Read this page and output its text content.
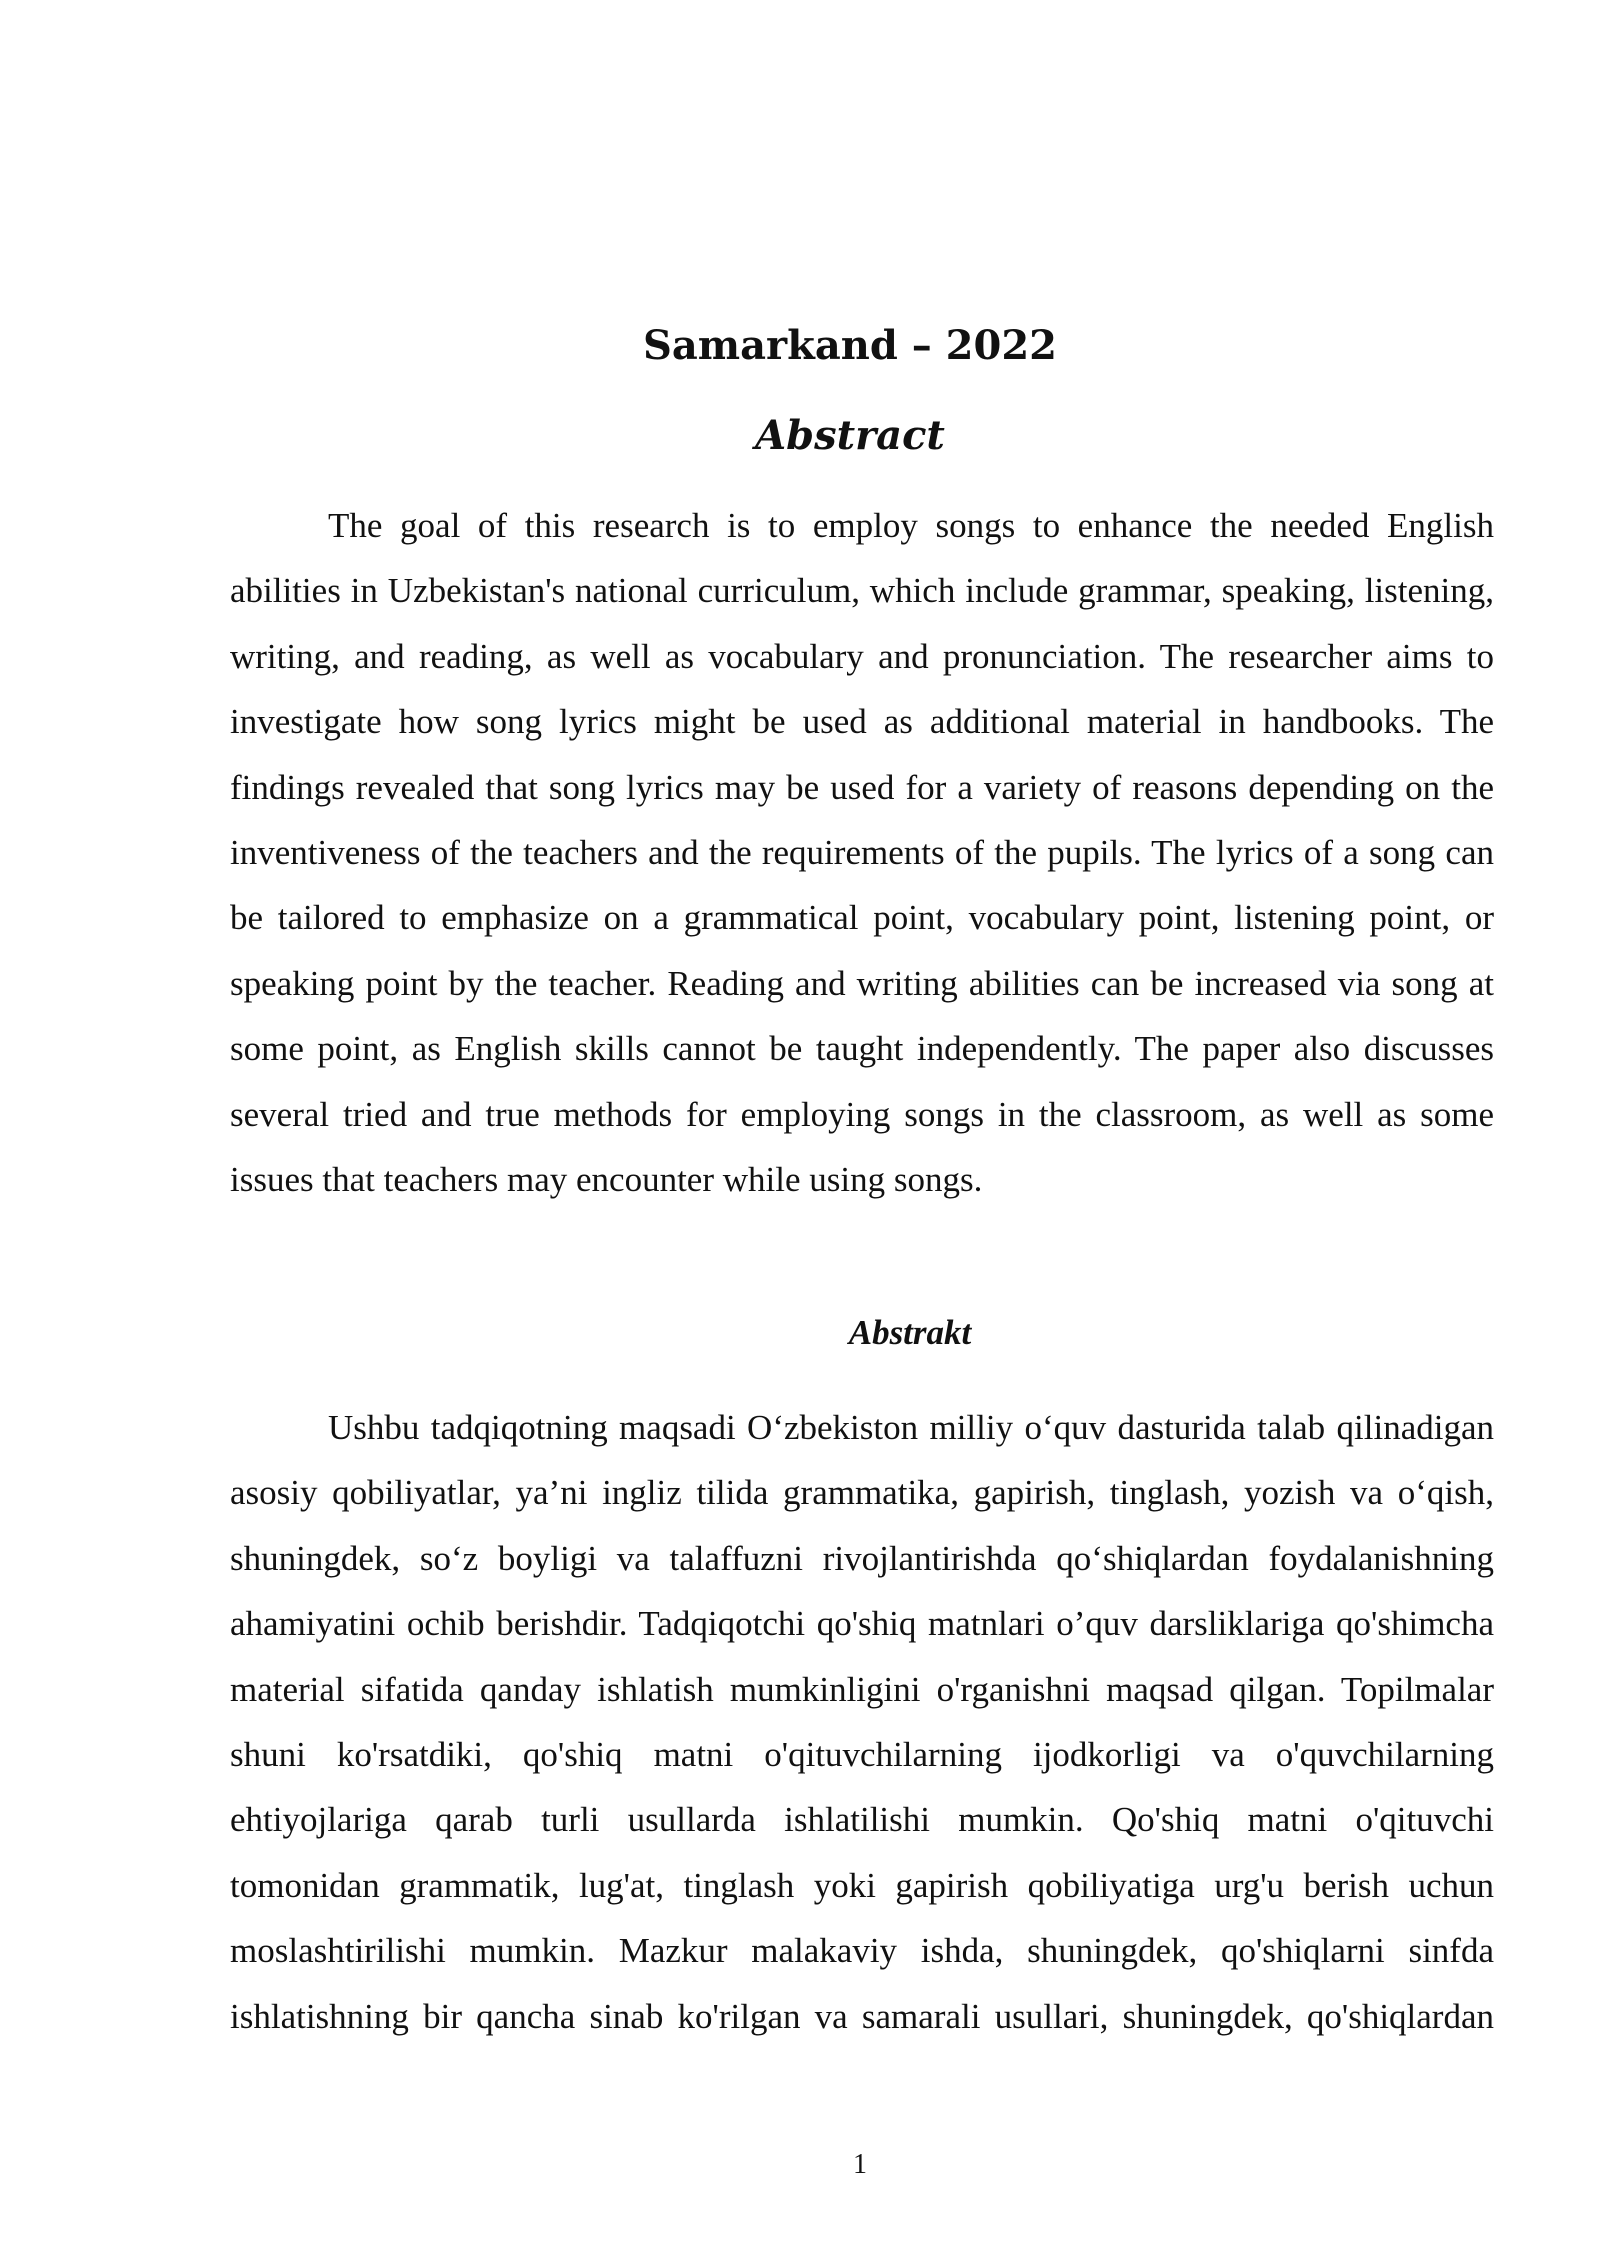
Samarkand – 2022
Abstract

The goal of this research is to employ songs to enhance the needed English abilities in Uzbekistan's national curriculum, which include grammar, speaking, listening, writing, and reading, as well as vocabulary and pronunciation. The researcher aims to investigate how song lyrics might be used as additional material in handbooks. The findings revealed that song lyrics may be used for a variety of reasons depending on the inventiveness of the teachers and the requirements of the pupils. The lyrics of a song can be tailored to emphasize on a grammatical point, vocabulary point, listening point, or speaking point by the teacher. Reading and writing abilities can be increased via song at some point, as English skills cannot be taught independently. The paper also discusses several tried and true methods for employing songs in the classroom, as well as some issues that teachers may encounter while using songs.

Abstrakt

Ushbu tadqiqotning maqsadi O‘zbekiston milliy o‘quv dasturida talab qilinadigan asosiy qobiliyatlar, ya’ni ingliz tilida grammatika, gapirish, tinglash, yozish va o‘qish, shuningdek, so‘z boyligi va talaffuzni rivojlantirishda qo‘shiqlardan foydalanishning ahamiyatini ochib berishdir. Tadqiqotchi qo'shiq matnlari o’quv darsliklariga qo'shimcha material sifatida qanday ishlatish mumkinligini o'rganishni maqsad qilgan. Topilmalar shuni ko'rsatdiki, qo'shiq matni o'qituvchilarning ijodkorligi va o'quvchilarning ehtiyojlariga qarab turli usullarda ishlatilishi mumkin. Qo'shiq matni o'qituvchi tomonidan grammatik, lug'at, tinglash yoki gapirish qobiliyatiga urg'u berish uchun moslashtirilishi mumkin. Mazkur malakaviy ishda, shuningdek, qo'shiqlarni sinfda ishlatishning bir qancha sinab ko'rilgan va samarali usullari, shuningdek, qo'shiqlardan

1
